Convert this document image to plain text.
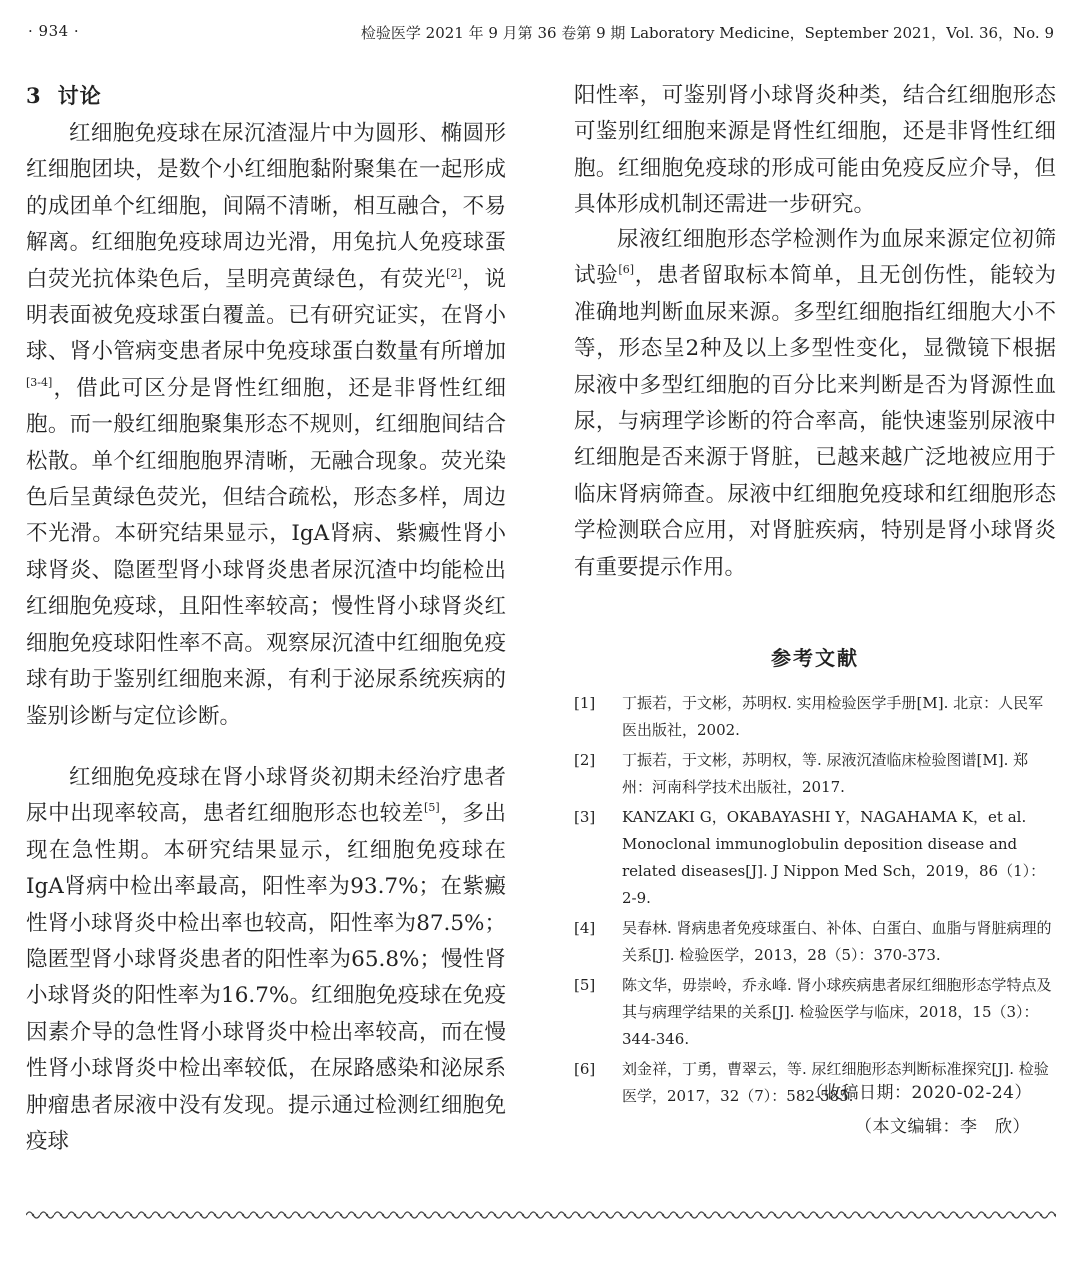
· 934 ·	检验医学 2021 年 9 月第 36 卷第 9 期 Laboratory Medicine，September 2021，Vol. 36，No. 9
3 讨论

红细胞免疫球在尿沉渣湿片中为圆形、椭圆形红细胞团块，是数个小红细胞黏附聚集在一起形成的成团单个红细胞，间隔不清晰，相互融合，不易解离。红细胞免疫球周边光滑，用兔抗人免疫球蛋白荧光抗体染色后，呈明亮黄绿色，有荧光[2]，说明表面被免疫球蛋白覆盖。已有研究证实，在肾小球、肾小管病变患者尿中免疫球蛋白数量有所增加[3-4]，借此可区分是肾性红细胞，还是非肾性红细胞。而一般红细胞聚集形态不规则，红细胞间结合松散。单个红细胞胞界清晰，无融合现象。荧光染色后呈黄绿色荧光，但结合疏松，形态多样，周边不光滑。本研究结果显示，IgA肾病、紫癜性肾小球肾炎、隐匿型肾小球肾炎患者尿沉渣中均能检出红细胞免疫球，且阳性率较高；慢性肾小球肾炎红细胞免疫球阳性率不高。观察尿沉渣中红细胞免疫球有助于鉴别红细胞来源，有利于泌尿系统疾病的鉴别诊断与定位诊断。

红细胞免疫球在肾小球肾炎初期未经治疗患者尿中出现率较高，患者红细胞形态也较差[5]，多出现在急性期。本研究结果显示，红细胞免疫球在IgA肾病中检出率最高，阳性率为93.7%；在紫癜性肾小球肾炎中检出率也较高，阳性率为87.5%；隐匿型肾小球肾炎患者的阳性率为65.8%；慢性肾小球肾炎的阳性率为16.7%。红细胞免疫球在免疫因素介导的急性肾小球肾炎中检出率较高，而在慢性肾小球肾炎中检出率较低，在尿路感染和泌尿系肿瘤患者尿液中没有发现。提示通过检测红细胞免疫球

阳性率，可鉴别肾小球肾炎种类，结合红细胞形态可鉴别红细胞来源是肾性红细胞，还是非肾性红细胞。红细胞免疫球的形成可能由免疫反应介导，但具体形成机制还需进一步研究。

尿液红细胞形态学检测作为血尿来源定位初筛试验[6]，患者留取标本简单，且无创伤性，能较为准确地判断血尿来源。多型红细胞指红细胞大小不等，形态呈2种及以上多型性变化，显微镜下根据尿液中多型红细胞的百分比来判断是否为肾源性血尿，与病理学诊断的符合率高，能快速鉴别尿液中红细胞是否来源于肾脏，已越来越广泛地被应用于临床肾病筛查。尿液中红细胞免疫球和红细胞形态学检测联合应用，对肾脏疾病，特别是肾小球肾炎有重要提示作用。

参考文献
[1] 丁振若，于文彬，苏明权. 实用检验医学手册[M]. 北京：人民军医出版社，2002.
[2] 丁振若，于文彬，苏明权，等. 尿液沉渣临床检验图谱[M]. 郑州：河南科学技术出版社，2017.
[3] KANZAKI G，OKABAYASHI Y，NAGAHAMA K，et al. Monoclonal immunoglobulin deposition disease and related diseases[J]. J Nippon Med Sch，2019，86（1）：2-9.
[4] 吴春林. 肾病患者免疫球蛋白、补体、白蛋白、血脂与肾脏病理的关系[J]. 检验医学，2013，28（5）：370-373.
[5] 陈文华，毋崇岭，乔永峰. 肾小球疾病患者尿红细胞形态学特点及其与病理学结果的关系[J]. 检验医学与临床，2018，15（3）：344-346.
[6] 刘金祥，丁勇，曹翠云，等. 尿红细胞形态判断标准探究[J]. 检验医学，2017，32（7）：582-585.
（收稿日期：2020-02-24）
（本文编辑：李　欣）
